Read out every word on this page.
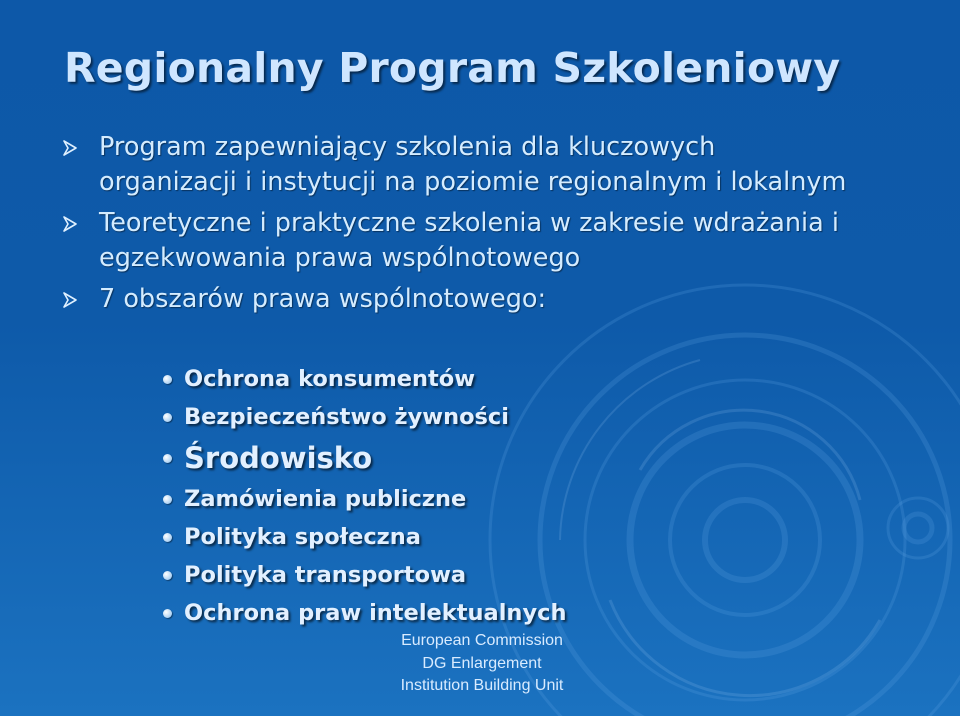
Regionalny Program Szkoleniowy
Program zapewniający szkolenia dla kluczowych organizacji i instytucji na poziomie regionalnym i lokalnym
Teoretyczne i praktyczne szkolenia w zakresie wdrażania i egzekwowania prawa wspólnotowego
7 obszarów prawa wspólnotowego:
Ochrona konsumentów
Bezpieczeństwo żywności
Środowisko
Zamówienia publiczne
Polityka społeczna
Polityka transportowa
Ochrona praw intelektualnych
European Commission
DG Enlargement
Institution Building Unit
